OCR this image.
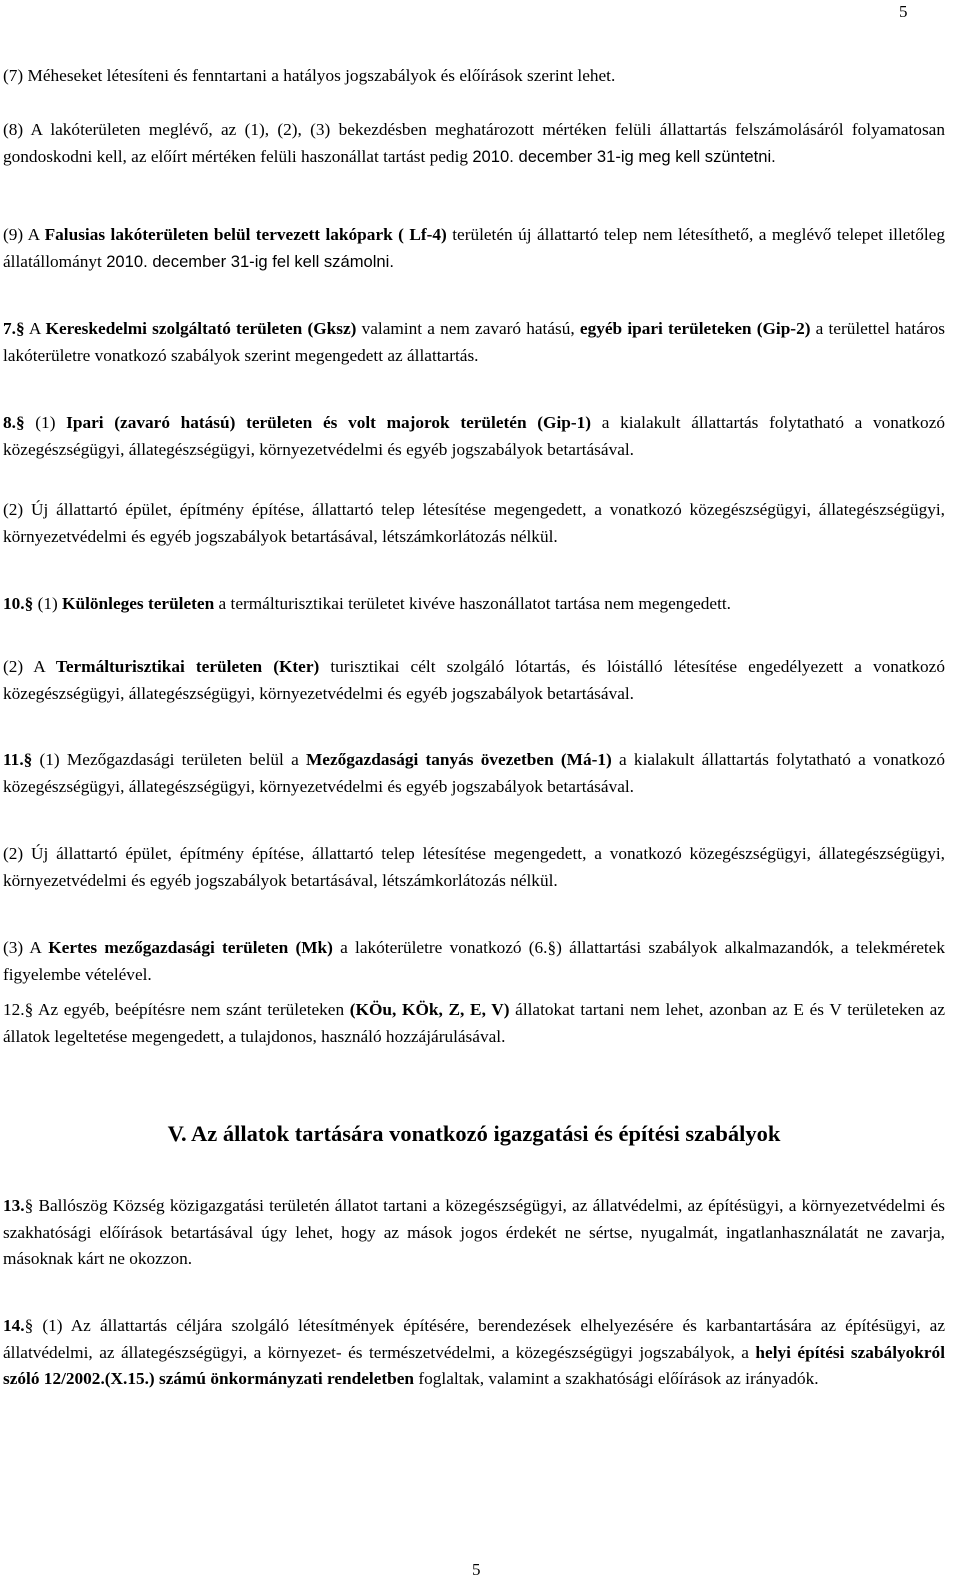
5

(7) Méheseket létesíteni és fenntartani a hatályos jogszabályok és előírások szerint lehet.

(8) A lakóterületen meglévő, az (1), (2), (3) bekezdésben meghatározott mértéken felüli állattartás felszámolásáról folyamatosan gondoskodni kell, az előírt mértéken felüli haszonállat tartást pedig 2010. december 31-ig meg kell szüntetni.

(9) A Falusias lakóterületen belül tervezett lakópark ( Lf-4) területén új állattartó telep nem létesíthető, a meglévő telepet illetőleg állatállományt 2010. december 31-ig fel kell számolni.

7.§ A Kereskedelmi szolgáltató területen (Gksz) valamint a nem zavaró hatású, egyéb ipari területeken (Gip-2) a területtel határos lakóterületre vonatkozó szabályok szerint megengedett az állattartás.

8.§ (1) Ipari (zavaró hatású) területen és volt majorok területén (Gip-1) a kialakult állattartás folytatható a vonatkozó közegészségügyi, állategészségügyi, környezetvédelmi és egyéb jogszabályok betartásával.

(2) Új állattartó épület, építmény építése, állattartó telep létesítése megengedett, a vonatkozó közegészségügyi, állategészségügyi, környezetvédelmi és egyéb jogszabályok betartásával, létszámkorlátozás nélkül.

10.§ (1) Különleges területen a termálturisztikai területet kivéve haszonállatot tartása nem megengedett.

(2) A Termálturisztikai területen (Kter) turisztikai célt szolgáló lótartás, és lóistálló létesítése engedélyezett a vonatkozó közegészségügyi, állategészségügyi, környezetvédelmi és egyéb jogszabályok betartásával.

11.§ (1) Mezőgazdasági területen belül a Mezőgazdasági tanyás övezetben (Má-1) a kialakult állattartás folytatható a vonatkozó közegészségügyi, állategészségügyi, környezetvédelmi és egyéb jogszabályok betartásával.

(2) Új állattartó épület, építmény építése, állattartó telep létesítése megengedett, a vonatkozó közegészségügyi, állategészségügyi, környezetvédelmi és egyéb jogszabályok betartásával, létszámkorlátozás nélkül.

(3) A Kertes mezőgazdasági területen (Mk) a lakóterületre vonatkozó (6.§) állattartási szabályok alkalmazandók, a telekméretek figyelembe vételével.

12.§ Az egyéb, beépítésre nem szánt területeken (KÖu, KÖk, Z, E, V) állatokat tartani nem lehet, azonban az E és V területeken az állatok legeltetése megengedett, a tulajdonos, használó hozzájárulásával.

V. Az állatok tartására vonatkozó igazgatási és építési szabályok

13.§ Ballószög Község közigazgatási területén állatot tartani a közegészségügyi, az állatvédelmi, az építésügyi, a környezetvédelmi és szakhatósági előírások betartásával úgy lehet, hogy az mások jogos érdekét ne sértse, nyugalmát, ingatlanhasználatát ne zavarja, másoknak kárt ne okozzon.

14.§ (1) Az állattartás céljára szolgáló létesítmények építésére, berendezések elhelyezésére és karbantartására az építésügyi, az állatvédelmi, az állategészségügyi, a környezet- és természetvédelmi, a közegészségügyi jogszabályok, a helyi építési szabályokról szóló 12/2002.(X.15.) számú önkormányzati rendeletben foglaltak, valamint a szakhatósági előírások az irányadók.

5
